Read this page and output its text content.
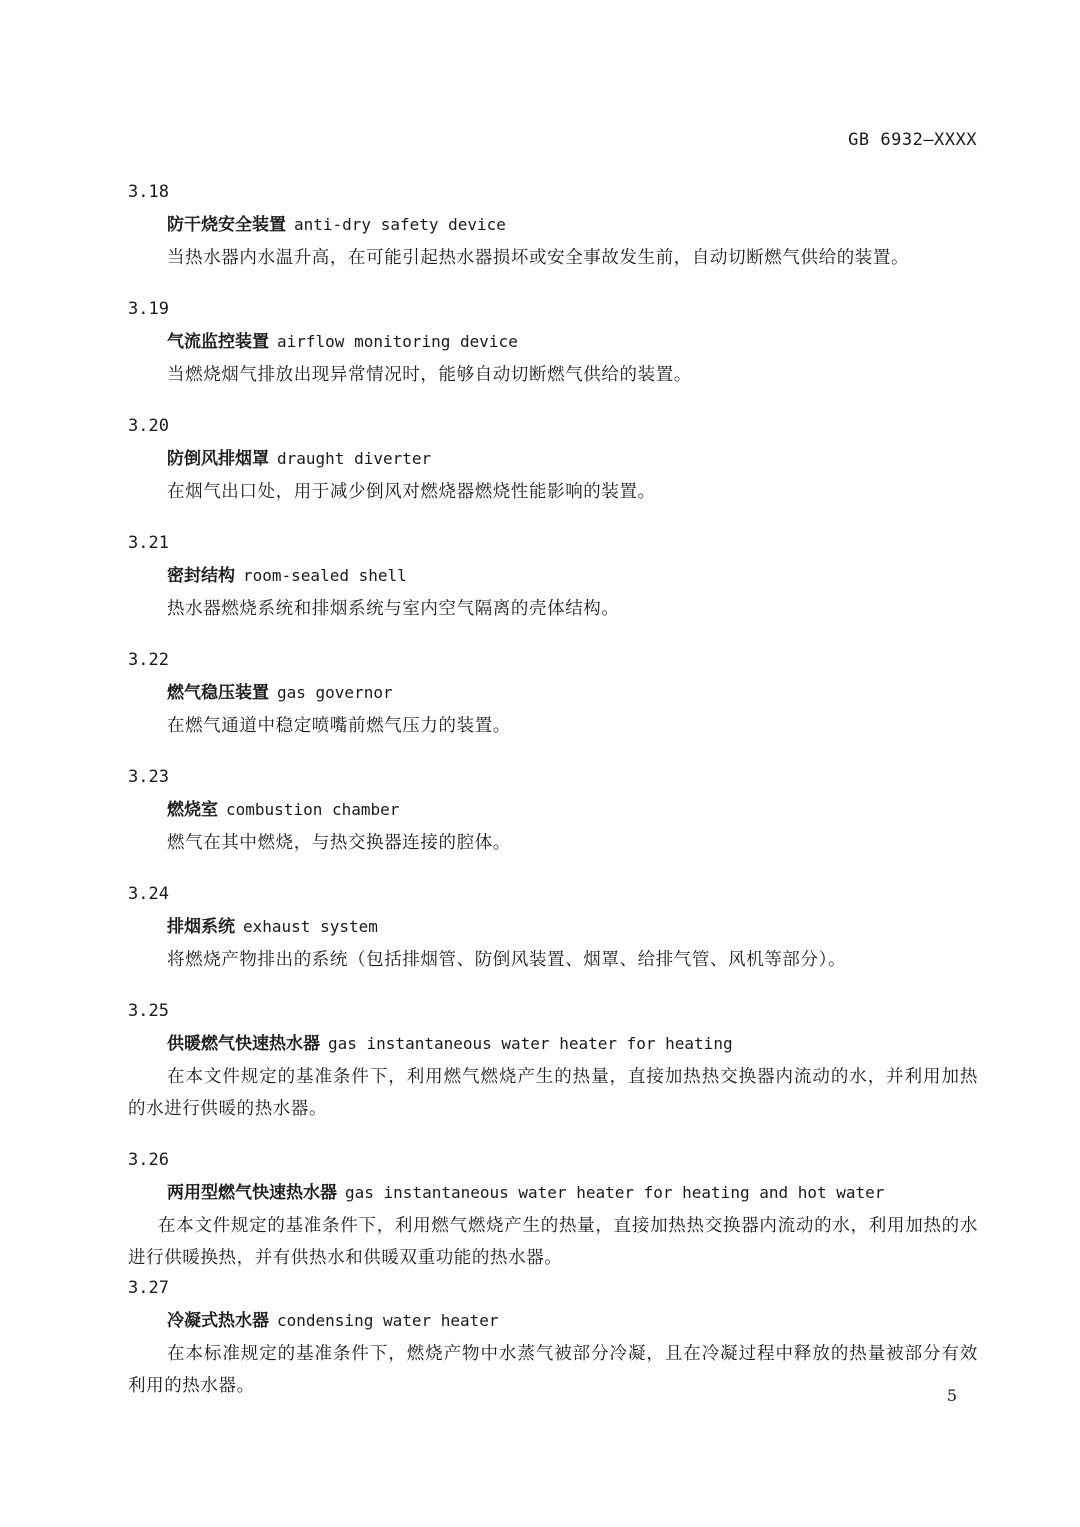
GB 6932—XXXX
3.18
防干烧安全装置 anti-dry safety device
当热水器内水温升高，在可能引起热水器损坏或安全事故发生前，自动切断燃气供给的装置。
3.19
气流监控装置 airflow monitoring device
当燃烧烟气排放出现异常情况时，能够自动切断燃气供给的装置。
3.20
防倒风排烟罩 draught diverter
在烟气出口处，用于减少倒风对燃烧器燃烧性能影响的装置。
3.21
密封结构 room-sealed shell
热水器燃烧系统和排烟系统与室内空气隔离的壳体结构。
3.22
燃气稳压装置 gas governor
在燃气通道中稳定喷嘴前燃气压力的装置。
3.23
燃烧室 combustion chamber
燃气在其中燃烧，与热交换器连接的腔体。
3.24
排烟系统 exhaust system
将燃烧产物排出的系统（包括排烟管、防倒风装置、烟罩、给排气管、风机等部分）。
3.25
供暖燃气快速热水器 gas instantaneous water heater for heating
在本文件规定的基准条件下，利用燃气燃烧产生的热量，直接加热热交换器内流动的水，并利用加热的水进行供暖的热水器。
3.26
两用型燃气快速热水器 gas instantaneous water heater for heating and hot water
在本文件规定的基准条件下，利用燃气燃烧产生的热量，直接加热热交换器内流动的水，利用加热的水进行供暖换热，并有供热水和供暖双重功能的热水器。
3.27
冷凝式热水器 condensing water heater
在本标准规定的基准条件下，燃烧产物中水蒸气被部分冷凝，且在冷凝过程中释放的热量被部分有效利用的热水器。	5
